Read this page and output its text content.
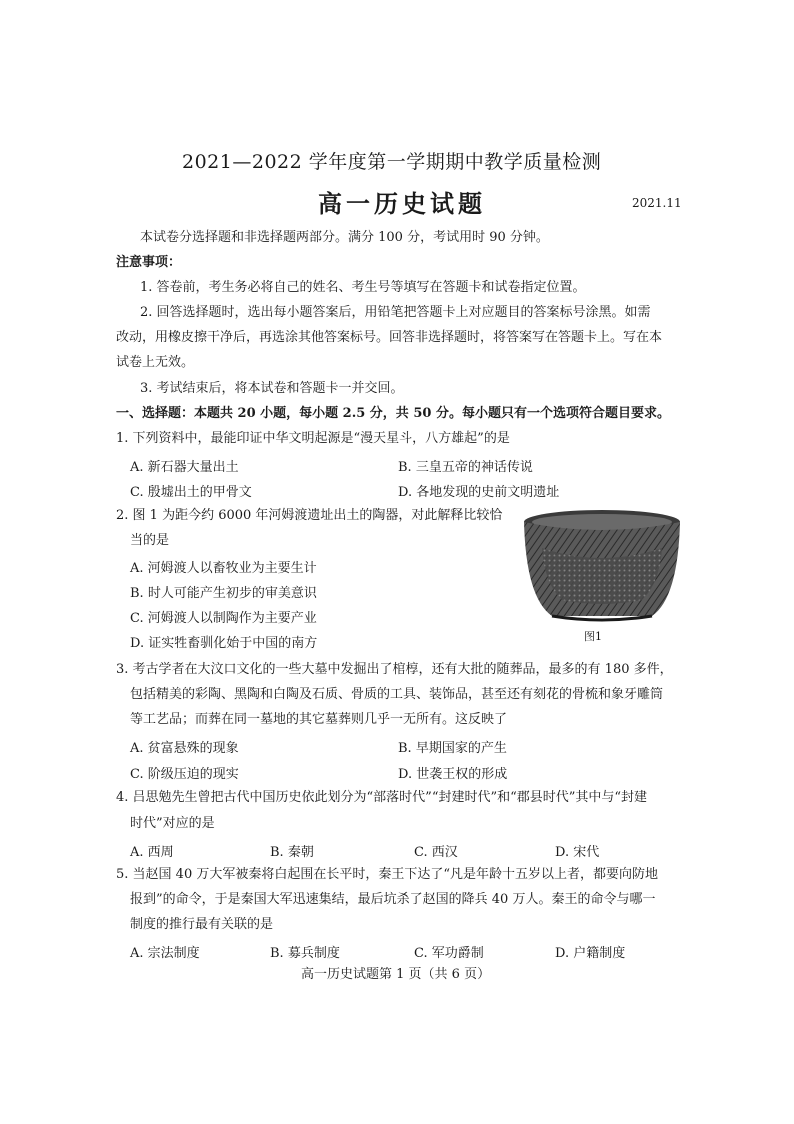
2021—2022 学年度第一学期期中教学质量检测
高一历史试题	2021.11
本试卷分选择题和非选择题两部分。满分 100 分，考试用时 90 分钟。
注意事项：
1. 答卷前，考生务必将自己的姓名、考生号等填写在答题卡和试卷指定位置。
2. 回答选择题时，选出每小题答案后，用铅笔把答题卡上对应题目的答案标号涂黑。如需
改动，用橡皮擦干净后，再选涂其他答案标号。回答非选择题时，将答案写在答题卡上。写在本
试卷上无效。
3. 考试结束后，将本试卷和答题卡一并交回。
一、选择题：本题共 20 小题，每小题 2.5 分，共 50 分。每小题只有一个选项符合题目要求。
1. 下列资料中，最能印证中华文明起源是“漫天星斗，八方雄起”的是
A. 新石器大量出土	B. 三皇五帝的神话传说
C. 殷墟出土的甲骨文	D. 各地发现的史前文明遗址
2. 图 1 为距今约 6000 年河姆渡遗址出土的陶器，对此解释比较恰
当的是
A. 河姆渡人以畜牧业为主要生计
B. 时人可能产生初步的审美意识
C. 河姆渡人以制陶作为主要产业
D. 证实牲畜驯化始于中国的南方	图1
3. 考古学者在大汶口文化的一些大墓中发掘出了棺椁，还有大批的随葬品，最多的有 180 多件，
包括精美的彩陶、黑陶和白陶及石质、骨质的工具、装饰品，甚至还有刻花的骨梳和象牙雕筒
等工艺品；而葬在同一墓地的其它墓葬则几乎一无所有。这反映了
A. 贫富悬殊的现象	B. 早期国家的产生
C. 阶级压迫的现实	D. 世袭王权的形成
4. 吕思勉先生曾把古代中国历史依此划分为“部落时代”“封建时代”和“郡县时代”其中与“封建
时代”对应的是
A. 西周	B. 秦朝	C. 西汉	D. 宋代
5. 当赵国 40 万大军被秦将白起围在长平时，秦王下达了“凡是年龄十五岁以上者，都要向防地
报到”的命令，于是秦国大军迅速集结，最后坑杀了赵国的降兵 40 万人。秦王的命令与哪一
制度的推行最有关联的是
A. 宗法制度	B. 募兵制度	C. 军功爵制	D. 户籍制度
高一历史试题第 1 页（共 6 页）
